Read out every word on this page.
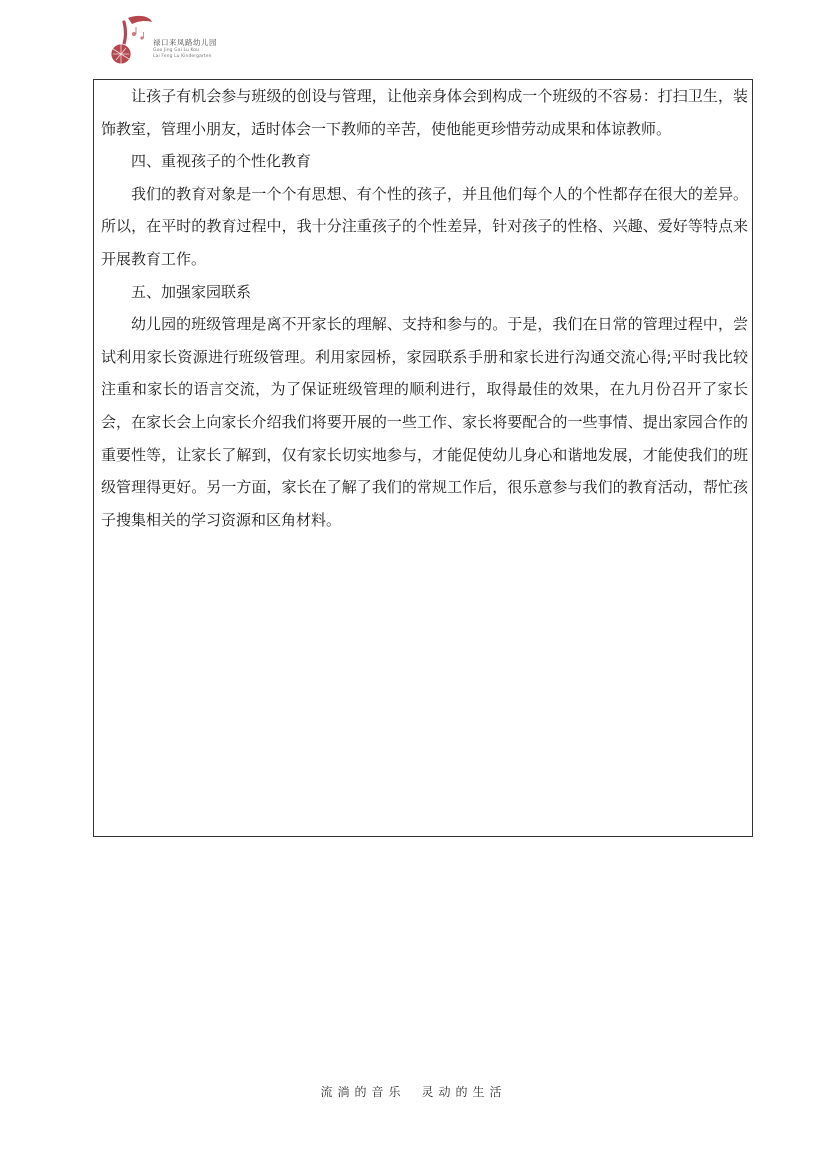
禄口来凤路幼儿园
Guo Jing Gai Lu Kou
Lai Feng Lu Kindergarten

让孩子有机会参与班级的创设与管理，让他亲身体会到构成一个班级的不容易：打扫卫生，装饰教室，管理小朋友，适时体会一下教师的辛苦，使他能更珍惜劳动成果和体谅教师。

四、重视孩子的个性化教育

我们的教育对象是一个个有思想、有个性的孩子，并且他们每个人的个性都存在很大的差异。所以，在平时的教育过程中，我十分注重孩子的个性差异，针对孩子的性格、兴趣、爱好等特点来开展教育工作。

五、加强家园联系

幼儿园的班级管理是离不开家长的理解、支持和参与的。于是，我们在日常的管理过程中，尝试利用家长资源进行班级管理。利用家园桥，家园联系手册和家长进行沟通交流心得;平时我比较注重和家长的语言交流，为了保证班级管理的顺利进行，取得最佳的效果，在九月份召开了家长会，在家长会上向家长介绍我们将要开展的一些工作、家长将要配合的一些事情、提出家园合作的重要性等，让家长了解到，仅有家长切实地参与，才能促使幼儿身心和谐地发展，才能使我们的班级管理得更好。另一方面，家长在了解了我们的常规工作后，很乐意参与我们的教育活动，帮忙孩子搜集相关的学习资源和区角材料。

流淌的音乐 灵动的生活
